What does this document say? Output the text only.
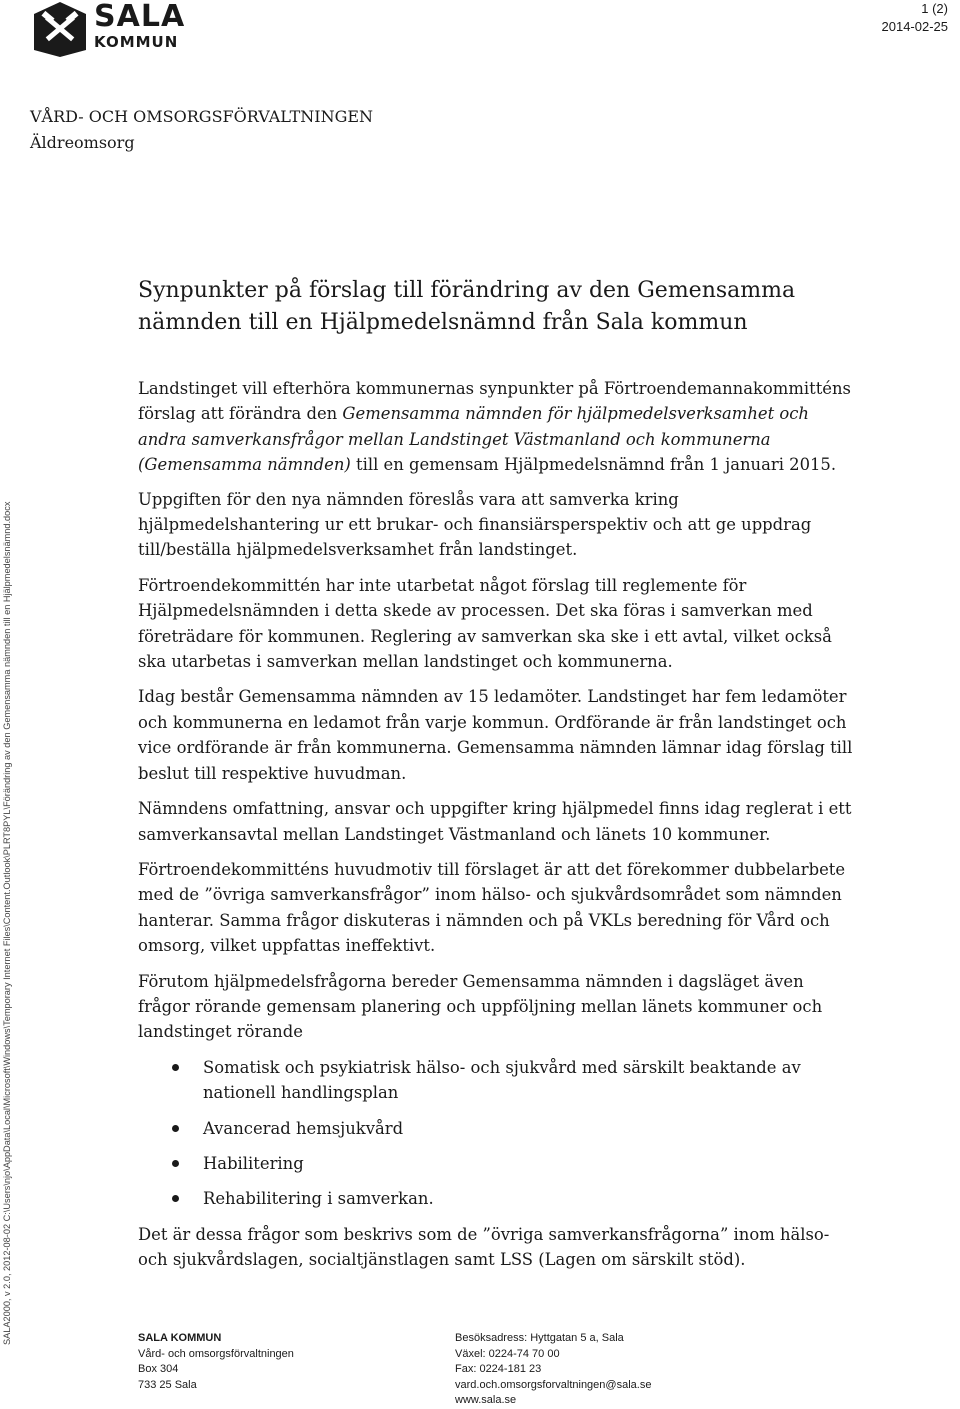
SALA
KOMMUN
1 (2)
2014-02-25
VÅRD- OCH OMSORGSFÖRVALTNINGEN
Äldreomsorg
Synpunkter på förslag till förändring av den Gemensamma
nämnden till en Hjälpmedelsnämnd från Sala kommun

Landstinget vill efterhöra kommunernas synpunkter på Förtroendemannakommitténs förslag att förändra den Gemensamma nämnden för hjälpmedelsverksamhet och andra samverkansfrågor mellan Landstinget Västmanland och kommunerna (Gemensamma nämnden) till en gemensam Hjälpmedelsnämnd från 1 januari 2015.

Uppgiften för den nya nämnden föreslås vara att samverka kring hjälpmedelshantering ur ett brukar- och finansiärsperspektiv och att ge uppdrag till/beställa hjälpmedelsverksamhet från landstinget.

Förtroendekommittén har inte utarbetat något förslag till reglemente för Hjälpmedelsnämnden i detta skede av processen. Det ska föras i samverkan med företrädare för kommunen. Reglering av samverkan ska ske i ett avtal, vilket också ska utarbetas i samverkan mellan landstinget och kommunerna.

Idag består Gemensamma nämnden av 15 ledamöter. Landstinget har fem ledamöter och kommunerna en ledamot från varje kommun. Ordförande är från landstinget och vice ordförande är från kommunerna. Gemensamma nämnden lämnar idag förslag till beslut till respektive huvudman.

Nämndens omfattning, ansvar och uppgifter kring hjälpmedel finns idag reglerat i ett samverkansavtal mellan Landstinget Västmanland och länets 10 kommuner.

Förtroendekommitténs huvudmotiv till förslaget är att det förekommer dubbelarbete med de ”övriga samverkansfrågor” inom hälso- och sjukvårdsområdet som nämnden hanterar. Samma frågor diskuteras i nämnden och på VKLs beredning för Vård och omsorg, vilket uppfattas ineffektivt.

Förutom hjälpmedelsfrågorna bereder Gemensamma nämnden i dagsläget även frågor rörande gemensam planering och uppföljning mellan länets kommuner och landstinget rörande

Somatisk och psykiatrisk hälso- och sjukvård med särskilt beaktande av nationell handlingsplan
Avancerad hemsjukvård
Habilitering
Rehabilitering i samverkan.

Det är dessa frågor som beskrivs som de ”övriga samverkansfrågorna” inom hälso- och sjukvårdslagen, socialtjänstlagen samt LSS (Lagen om särskilt stöd).

SALA2000, v 2.0, 2012-08-02 C:\Users\njo\AppData\Local\Microsoft\Windows\Temporary Internet Files\Content.Outlook\PLRT8PYL\Förändring av den Gemensamma nämnden till en Hjälpmedelsnämnd.docx	SALA KOMMUN
Vård- och omsorgsförvaltningen
Box 304
733 25 Sala
Besöksadress: Hyttgatan 5 a, Sala
Växel: 0224-74 70 00
Fax: 0224-181 23
vard.och.omsorgsforvaltningen@sala.se
www.sala.se
